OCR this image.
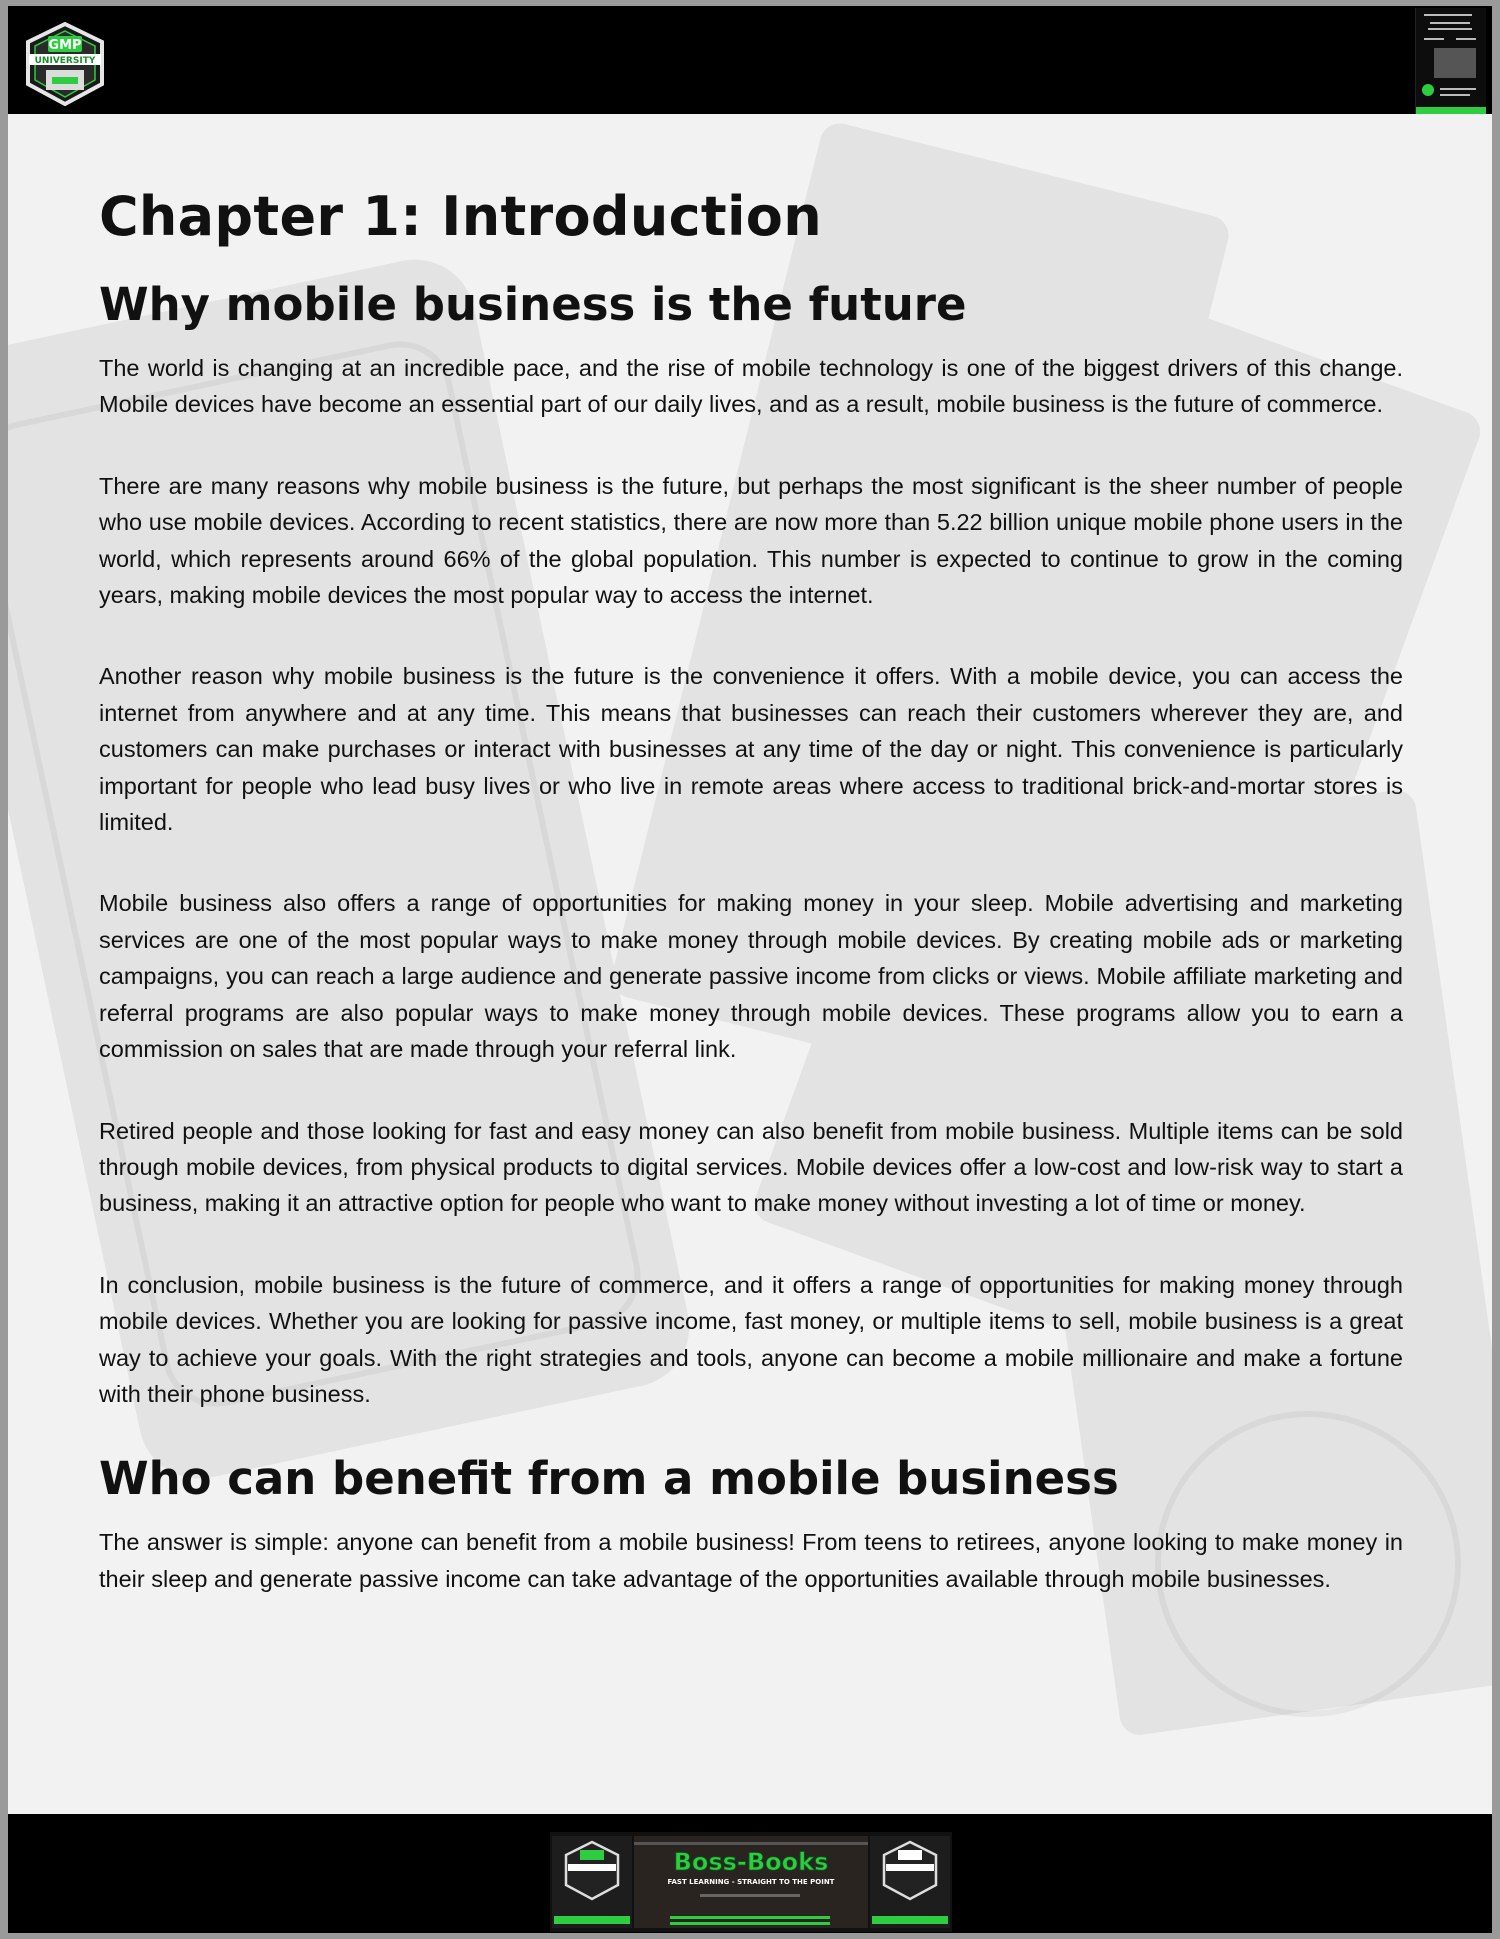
GMP
UNIVERSITY
Chapter 1: Introduction
Why mobile business is the future

The world is changing at an incredible pace, and the rise of mobile technology is one of the biggest drivers of this change. Mobile devices have become an essential part of our daily lives, and as a result, mobile business is the future of commerce.

There are many reasons why mobile business is the future, but perhaps the most significant is the sheer number of people who use mobile devices. According to recent statistics, there are now more than 5.22 billion unique mobile phone users in the world, which represents around 66% of the global population. This number is expected to continue to grow in the coming years, making mobile devices the most popular way to access the internet.

Another reason why mobile business is the future is the convenience it offers. With a mobile device, you can access the internet from anywhere and at any time. This means that businesses can reach their customers wherever they are, and customers can make purchases or interact with businesses at any time of the day or night. This convenience is particularly important for people who lead busy lives or who live in remote areas where access to traditional brick-and-mortar stores is limited.

Mobile business also offers a range of opportunities for making money in your sleep. Mobile advertising and marketing services are one of the most popular ways to make money through mobile devices. By creating mobile ads or marketing campaigns, you can reach a large audience and generate passive income from clicks or views. Mobile affiliate marketing and referral programs are also popular ways to make money through mobile devices. These programs allow you to earn a commission on sales that are made through your referral link.

Retired people and those looking for fast and easy money can also benefit from mobile business. Multiple items can be sold through mobile devices, from physical products to digital services. Mobile devices offer a low-cost and low-risk way to start a business, making it an attractive option for people who want to make money without investing a lot of time or money.

In conclusion, mobile business is the future of commerce, and it offers a range of opportunities for making money through mobile devices. Whether you are looking for passive income, fast money, or multiple items to sell, mobile business is a great way to achieve your goals. With the right strategies and tools, anyone can become a mobile millionaire and make a fortune with their phone business.

Who can benefit from a mobile business

The answer is simple: anyone can benefit from a mobile business! From teens to retirees, anyone looking to make money in their sleep and generate passive income can take advantage of the opportunities available through mobile businesses.

Boss-Books
FAST LEARNING - STRAIGHT TO THE POINT
